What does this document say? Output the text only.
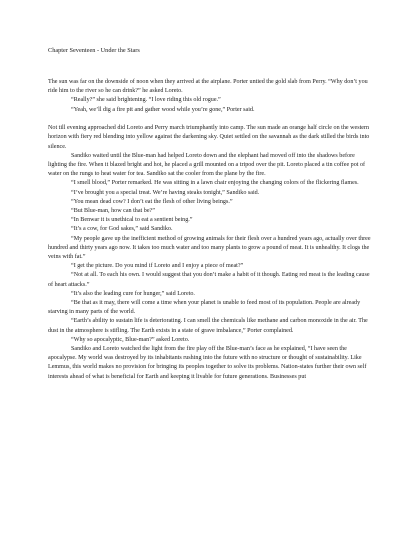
Chapter Seventeen - Under the Stars

The sun was far on the downside of noon when they arrived at the airplane. Porter untied the gold slab from Perry. “Why don’t you ride him to the river so he can drink?” he asked Loreto.

“Really?” she said brightening. “I love riding this old rogue.”

“Yeah, we’ll dig a fire pit and gather wood while you’re gone,” Porter said.

Not till evening approached did Loreto and Perry march triumphantly into camp. The sun made an orange half circle on the western horizon with fiery red blending into yellow against the darkening sky. Quiet settled on the savannah as the dark stilled the birds into silence.

Sandiko waited until the Blue-man had helped Loreto down and the elephant had moved off into the shadows before lighting the fire. When it blazed bright and hot, he placed a grill mounted on a tripod over the pit. Loreto placed a tin coffee pot of water on the rungs to heat water for tea. Sandiko sat the cooler from the plane by the fire.

“I smell blood,” Porter remarked. He was sitting in a lawn chair enjoying the changing colors of the flickering flames.

“I’ve brought you a special treat. We’re having steaks tonight,” Sandiko said.

“You mean dead cow? I don’t eat the flesh of other living beings.”

“But Blue-man, how can that be?”

“In Benwar it is unethical to eat a sentient being.”

“It’s a cow, for God sakes,” said Sandiko.

“My people gave up the inefficient method of growing animals for their flesh over a hundred years ago, actually over three hundred and thirty years ago now. It takes too much water and too many plants to grow a pound of meat. It is unhealthy. It clogs the veins with fat.”

“I get the picture. Do you mind if Loreto and I enjoy a piece of meat?”

“Not at all. To each his own. I would suggest that you don’t make a habit of it though. Eating red meat is the leading cause of heart attacks.”

“It’s also the leading cure for hunger,” said Loreto.

“Be that as it may, there will come a time when your planet is unable to feed most of its population. People are already starving in many parts of the world.

“Earth’s ability to sustain life is deteriorating. I can smell the chemicals like methane and carbon monoxide in the air. The dust in the atmosphere is stifling. The Earth exists in a state of grave imbalance,” Porter complained.

“Why so apocalyptic, Blue-man?” asked Loreto.

Sandiko and Loreto watched the light from the fire play off the Blue-man’s face as he explained, “I have seen the apocalypse. My world was destroyed by its inhabitants rushing into the future with no structure or thought of sustainability. Like Lemmus, this world makes no provision for bringing its peoples together to solve its problems. Nation-states further their own self interests ahead of what is beneficial for Earth and keeping it livable for future generations. Businesses put
